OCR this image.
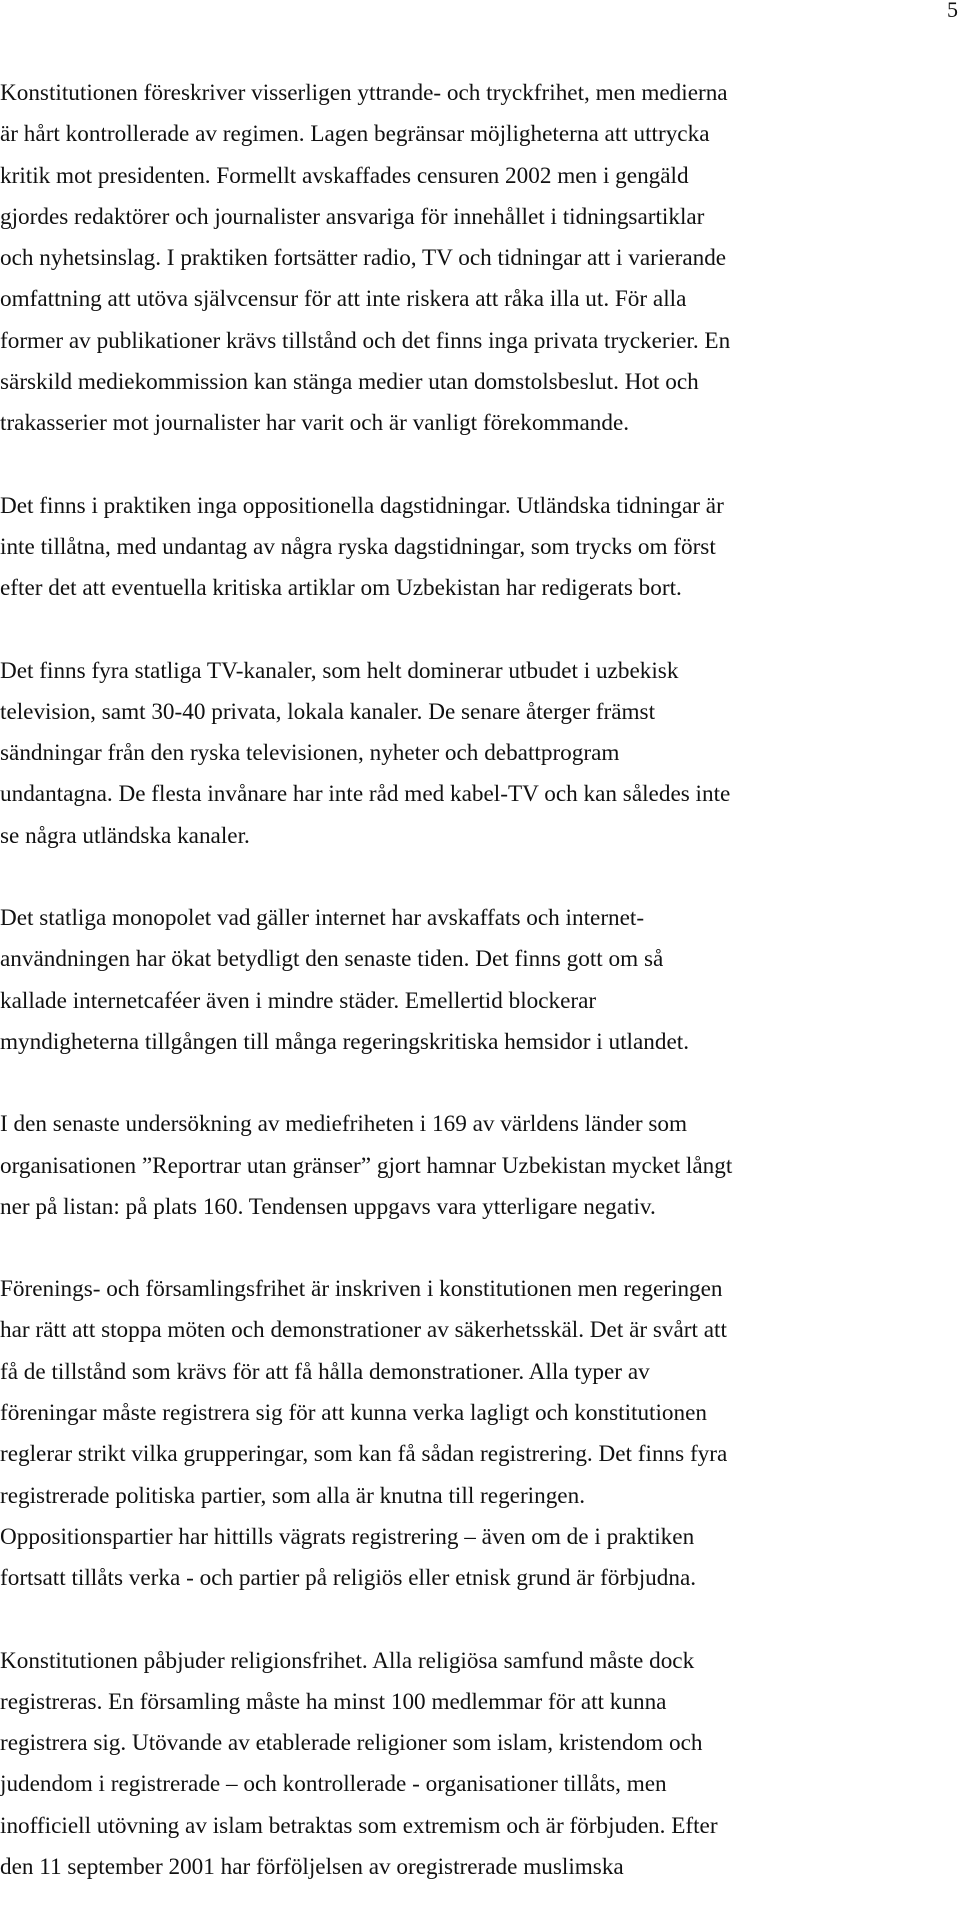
5

Konstitutionen föreskriver visserligen yttrande- och tryckfrihet, men medierna
är hårt kontrollerade av regimen. Lagen begränsar möjligheterna att uttrycka
kritik mot presidenten. Formellt avskaffades censuren 2002 men i gengäld
gjordes redaktörer och journalister ansvariga för innehållet i tidningsartiklar
och nyhetsinslag. I praktiken fortsätter radio, TV och tidningar att i varierande
omfattning att utöva självcensur för att inte riskera att råka illa ut. För alla
former av publikationer krävs tillstånd och det finns inga privata tryckerier. En
särskild mediekommission kan stänga medier utan domstolsbeslut. Hot och
trakasserier mot journalister har varit och är vanligt förekommande.

Det finns i praktiken inga oppositionella dagstidningar. Utländska tidningar är
inte tillåtna, med undantag av några ryska dagstidningar, som trycks om först
efter det att eventuella kritiska artiklar om Uzbekistan har redigerats bort.

Det finns fyra statliga TV-kanaler, som helt dominerar utbudet i uzbekisk
television, samt 30-40 privata, lokala kanaler. De senare återger främst
sändningar från den ryska televisionen, nyheter och debattprogram
undantagna. De flesta invånare har inte råd med kabel-TV och kan således inte
se några utländska kanaler.

Det statliga monopolet vad gäller internet har avskaffats och internet-
användningen har ökat betydligt den senaste tiden. Det finns gott om så
kallade internetcaféer även i mindre städer. Emellertid blockerar
myndigheterna tillgången till många regeringskritiska hemsidor i utlandet.

I den senaste undersökning av mediefriheten i 169 av världens länder som
organisationen ”Reportrar utan gränser” gjort hamnar Uzbekistan mycket långt
ner på listan: på plats 160. Tendensen uppgavs vara ytterligare negativ.

Förenings- och församlingsfrihet är inskriven i konstitutionen men regeringen
har rätt att stoppa möten och demonstrationer av säkerhetsskäl. Det är svårt att
få de tillstånd som krävs för att få hålla demonstrationer. Alla typer av
föreningar måste registrera sig för att kunna verka lagligt och konstitutionen
reglerar strikt vilka grupperingar, som kan få sådan registrering. Det finns fyra
registrerade politiska partier, som alla är knutna till regeringen.
Oppositionspartier har hittills vägrats registrering – även om de i praktiken
fortsatt tillåts verka - och partier på religiös eller etnisk grund är förbjudna.

Konstitutionen påbjuder religionsfrihet. Alla religiösa samfund måste dock
registreras. En församling måste ha minst 100 medlemmar för att kunna
registrera sig. Utövande av etablerade religioner som islam, kristendom och
judendom i registrerade – och kontrollerade - organisationer tillåts, men
inofficiell utövning av islam betraktas som extremism och är förbjuden. Efter
den 11 september 2001 har förföljelsen av oregistrerade muslimska
